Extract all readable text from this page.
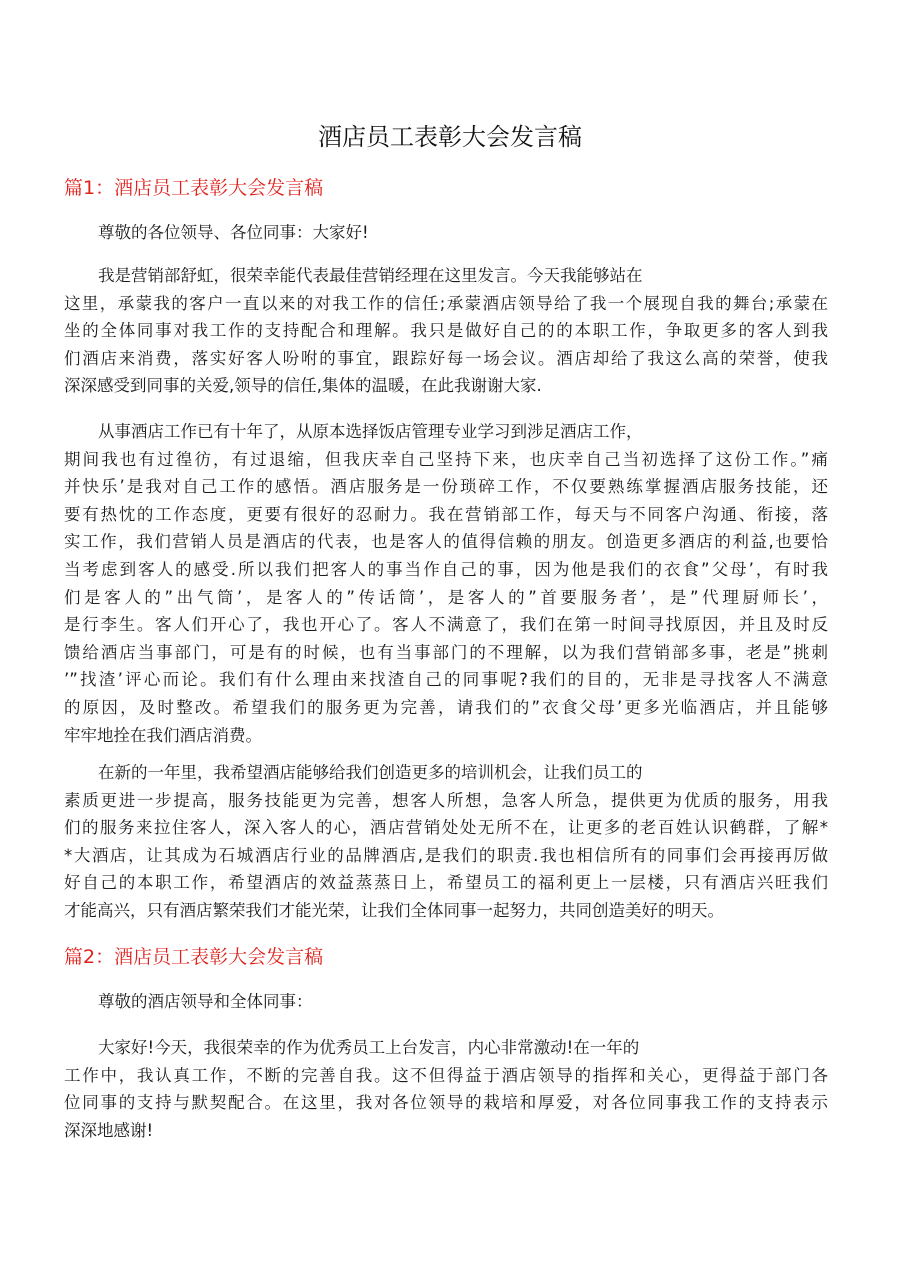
酒店员工表彰大会发言稿
篇1：酒店员工表彰大会发言稿
尊敬的各位领导、各位同事：大家好!
我是营销部舒虹，很荣幸能代表最佳营销经理在这里发言。今天我能够站在
这里，承蒙我的客户一直以来的对我工作的信任;承蒙酒店领导给了我一个展现自我的舞台;承蒙在
坐的全体同事对我工作的支持配合和理解。我只是做好自己的的本职工作，争取更多的客人到我
们酒店来消费，落实好客人吩咐的事宜，跟踪好每一场会议。酒店却给了我这么高的荣誉，使我
深深感受到同事的关爱,领导的信任,集体的温暖，在此我谢谢大家.
从事酒店工作已有十年了，从原本选择饭店管理专业学习到涉足酒店工作，
期间我也有过徨彷，有过退缩，但我庆幸自己坚持下来，也庆幸自己当初选择了这份工作。”痛
并快乐’是我对自己工作的感悟。酒店服务是一份琐碎工作，不仅要熟练掌握酒店服务技能，还
要有热忱的工作态度，更要有很好的忍耐力。我在营销部工作，每天与不同客户沟通、衔接，落
实工作，我们营销人员是酒店的代表，也是客人的值得信赖的朋友。创造更多酒店的利益,也要恰
当考虑到客人的感受.所以我们把客人的事当作自己的事，因为他是我们的衣食”父母’，有时我
们是客人的”出气筒’，是客人的”传话筒’，是客人的”首要服务者’，是”代理厨师长’，
是行李生。客人们开心了，我也开心了。客人不满意了，我们在第一时间寻找原因，并且及时反
馈给酒店当事部门，可是有的时候，也有当事部门的不理解，以为我们营销部多事，老是”挑刺
’”找渣’评心而论。我们有什么理由来找渣自己的同事呢?我们的目的，无非是寻找客人不满意
的原因，及时整改。希望我们的服务更为完善，请我们的”衣食父母’更多光临酒店，并且能够
牢牢地拴在我们酒店消费。
在新的一年里，我希望酒店能够给我们创造更多的培训机会，让我们员工的
素质更进一步提高，服务技能更为完善，想客人所想，急客人所急，提供更为优质的服务，用我
们的服务来拉住客人，深入客人的心，酒店营销处处无所不在，让更多的老百姓认识鹤群，了解*
*大酒店，让其成为石城酒店行业的品牌酒店,是我们的职责.我也相信所有的同事们会再接再厉做
好自己的本职工作，希望酒店的效益蒸蒸日上，希望员工的福利更上一层楼，只有酒店兴旺我们
才能高兴，只有酒店繁荣我们才能光荣，让我们全体同事一起努力，共同创造美好的明天。
篇2：酒店员工表彰大会发言稿
尊敬的酒店领导和全体同事：
大家好!今天，我很荣幸的作为优秀员工上台发言，内心非常激动!在一年的
工作中，我认真工作，不断的完善自我。这不但得益于酒店领导的指挥和关心，更得益于部门各
位同事的支持与默契配合。在这里，我对各位领导的栽培和厚爱，对各位同事我工作的支持表示
深深地感谢!
